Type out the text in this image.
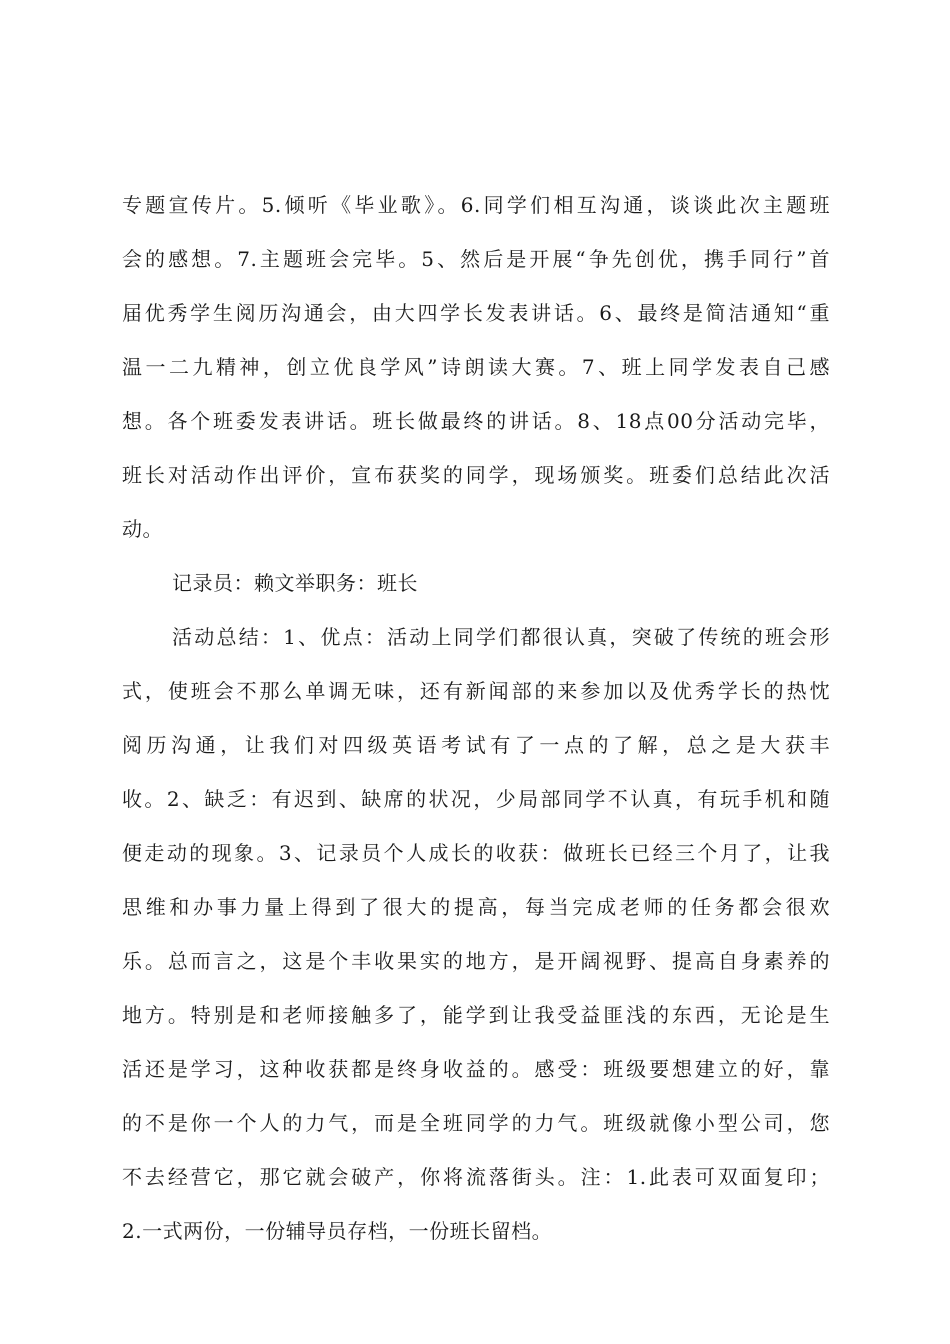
专题宣传片。5.倾听《毕业歌》。6.同学们相互沟通，谈谈此次主题班
会的感想。7.主题班会完毕。5、然后是开展“争先创优，携手同行”首
届优秀学生阅历沟通会，由大四学长发表讲话。6、最终是简洁通知“重
温一二九精神，创立优良学风”诗朗读大赛。7、班上同学发表自己感
想。各个班委发表讲话。班长做最终的讲话。8、18点00分活动完毕，
班长对活动作出评价，宣布获奖的同学，现场颁奖。班委们总结此次活
动。
记录员：赖文举职务：班长
活动总结：1、优点：活动上同学们都很认真，突破了传统的班会形
式，使班会不那么单调无味，还有新闻部的来参加以及优秀学长的热忱
阅历沟通，让我们对四级英语考试有了一点的了解，总之是大获丰
收。2、缺乏：有迟到、缺席的状况，少局部同学不认真，有玩手机和随
便走动的现象。3、记录员个人成长的收获：做班长已经三个月了，让我
思维和办事力量上得到了很大的提高，每当完成老师的任务都会很欢
乐。总而言之，这是个丰收果实的地方，是开阔视野、提高自身素养的
地方。特别是和老师接触多了，能学到让我受益匪浅的东西，无论是生
活还是学习，这种收获都是终身收益的。感受：班级要想建立的好，靠
的不是你一个人的力气，而是全班同学的力气。班级就像小型公司，您
不去经营它，那它就会破产，你将流落街头。注：1.此表可双面复印；
2.一式两份，一份辅导员存档，一份班长留档。
